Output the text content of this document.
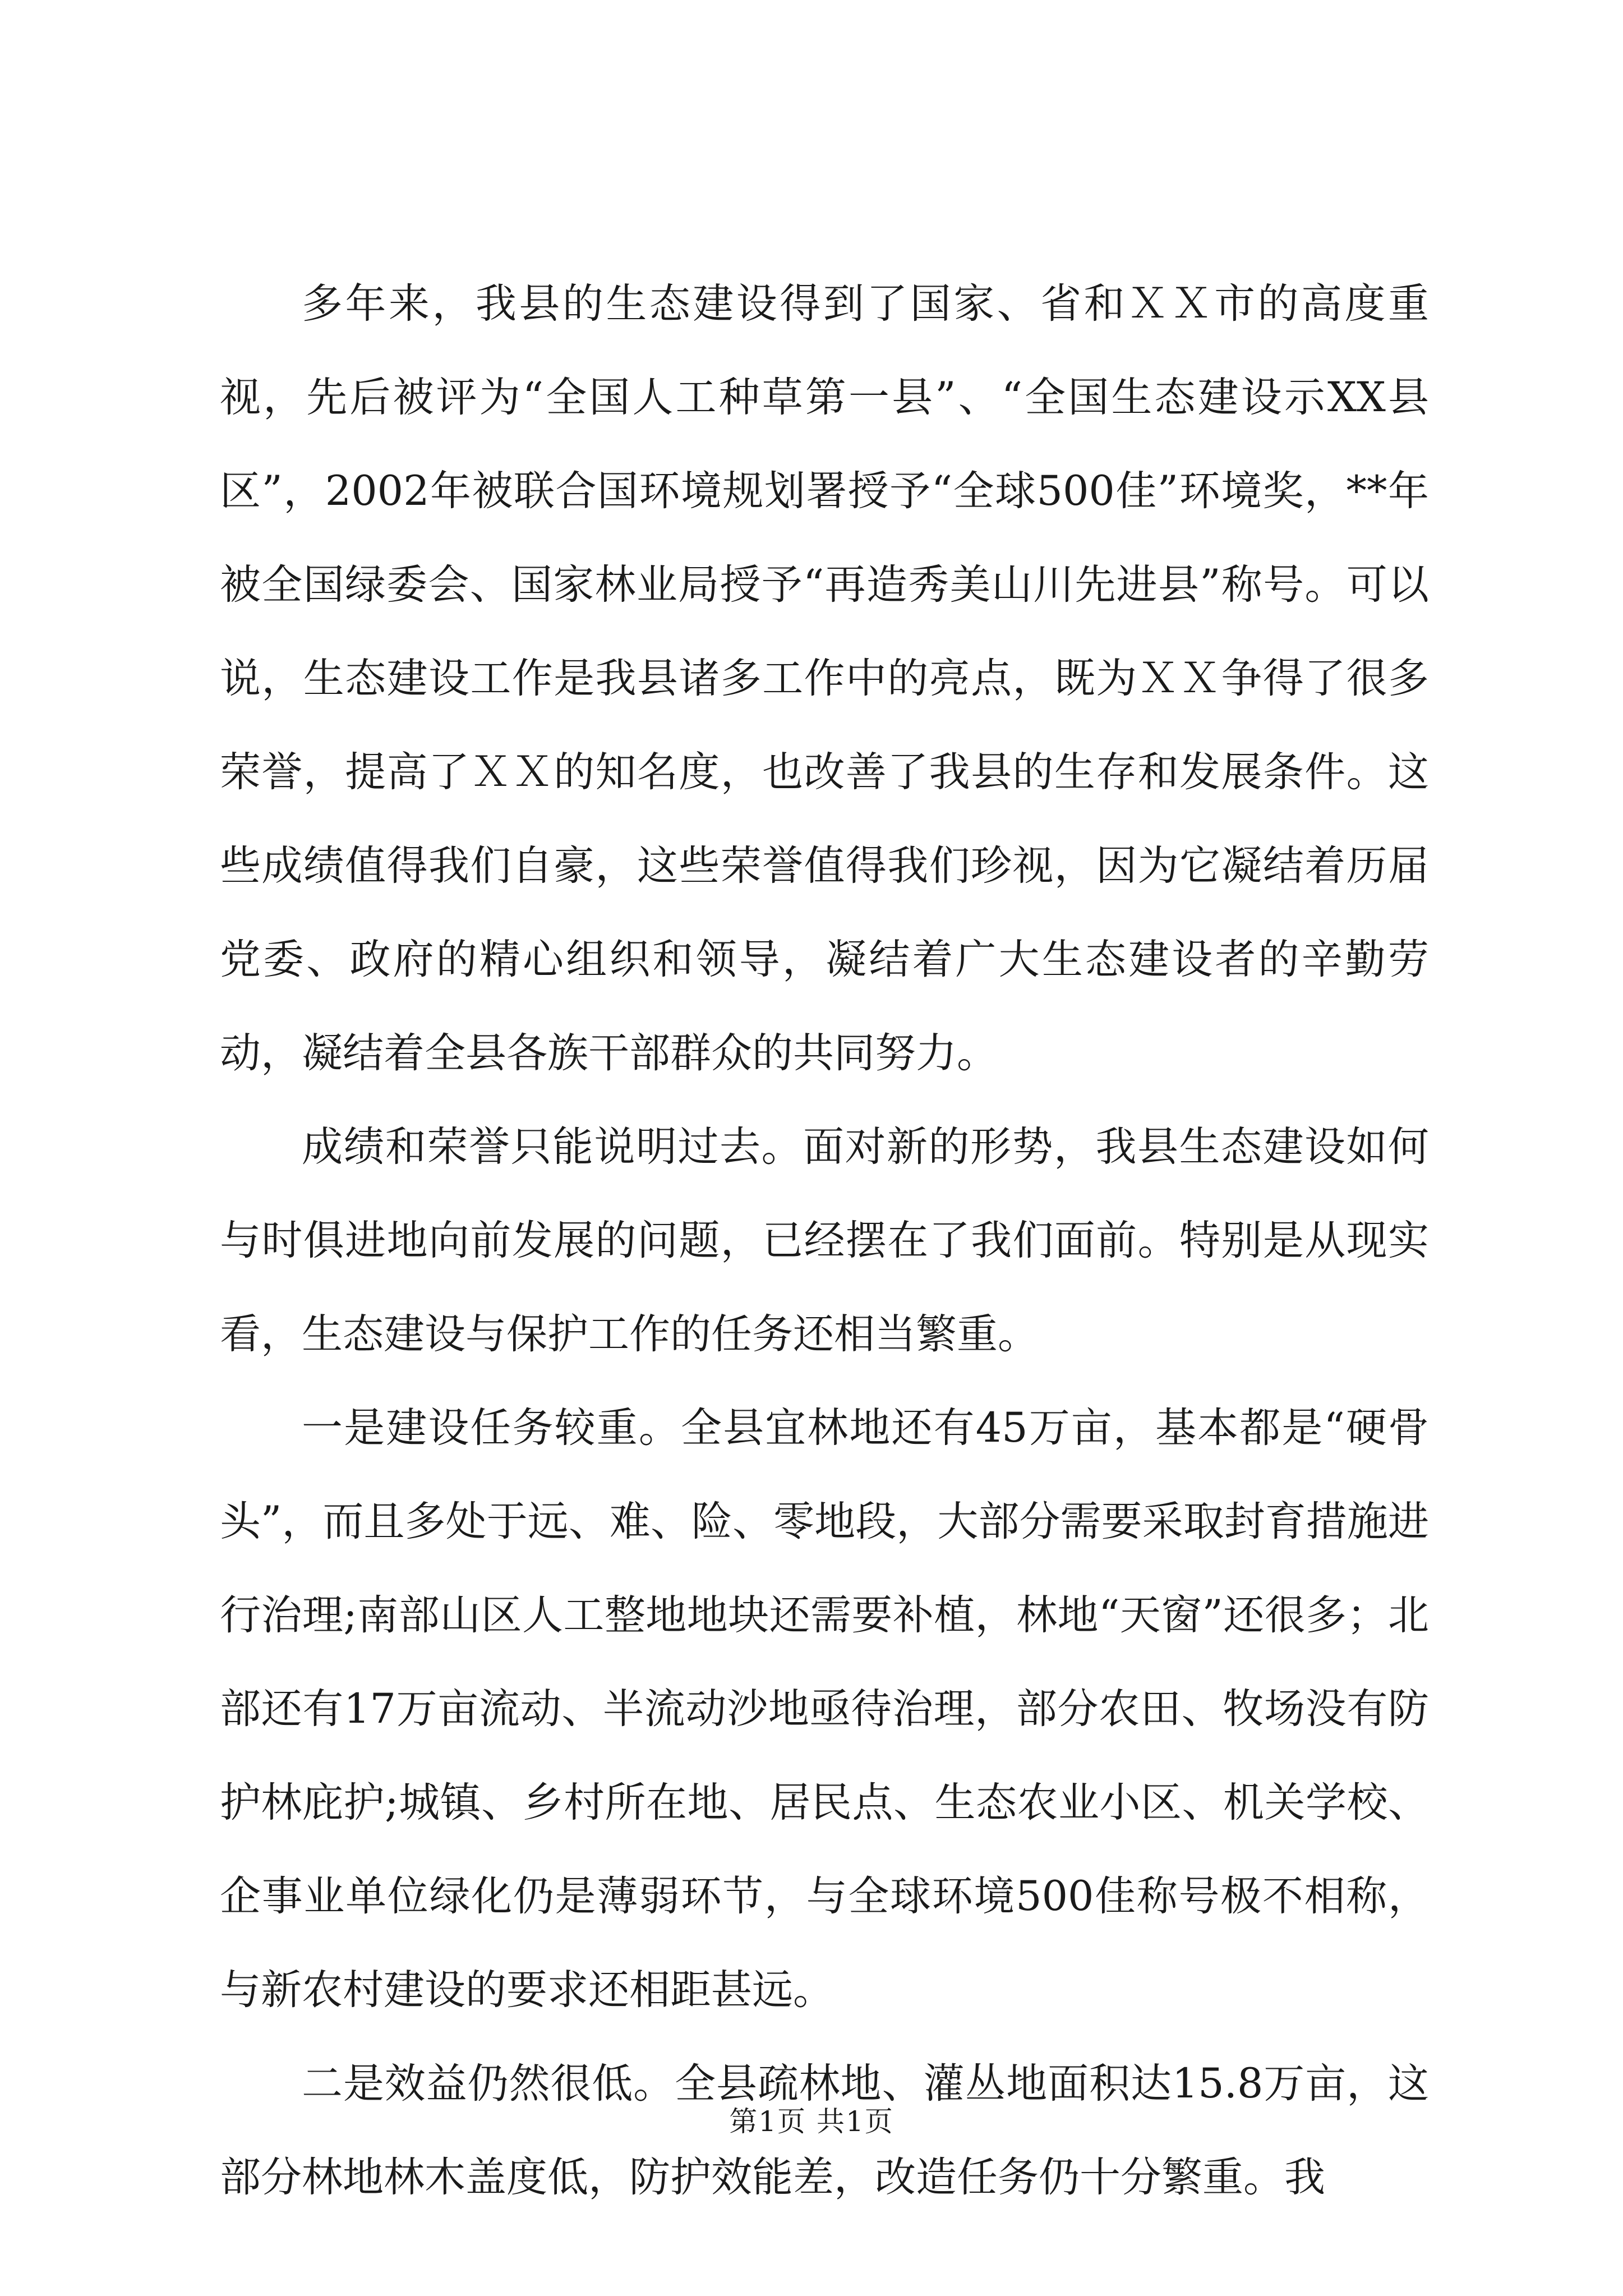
多年来，我县的生态建设得到了国家、省和ＸＸ市的高度重视，先后被评为“全国人工种草第一县”、“全国生态建设示XX县区”，2002年被联合国环境规划署授予“全球500佳”环境奖，**年被全国绿委会、国家林业局授予“再造秀美山川先进县”称号。可以说，生态建设工作是我县诸多工作中的亮点，既为ＸＸ争得了很多荣誉，提高了ＸＸ的知名度，也改善了我县的生存和发展条件。这些成绩值得我们自豪，这些荣誉值得我们珍视，因为它凝结着历届党委、政府的精心组织和领导，凝结着广大生态建设者的辛勤劳动，凝结着全县各族干部群众的共同努力。

成绩和荣誉只能说明过去。面对新的形势，我县生态建设如何与时俱进地向前发展的问题，已经摆在了我们面前。特别是从现实看，生态建设与保护工作的任务还相当繁重。

一是建设任务较重。全县宜林地还有45万亩，基本都是“硬骨头”，而且多处于远、难、险、零地段，大部分需要采取封育措施进行治理;南部山区人工整地地块还需要补植，林地“天窗”还很多；北部还有17万亩流动、半流动沙地亟待治理，部分农田、牧场没有防护林庇护;城镇、乡村所在地、居民点、生态农业小区、机关学校、企事业单位绿化仍是薄弱环节，与全球环境500佳称号极不相称，与新农村建设的要求还相距甚远。

二是效益仍然很低。全县疏林地、灌丛地面积达15.8万亩，这部分林地林木盖度低，防护效能差，改造任务仍十分繁重。我

第1页 共1页
